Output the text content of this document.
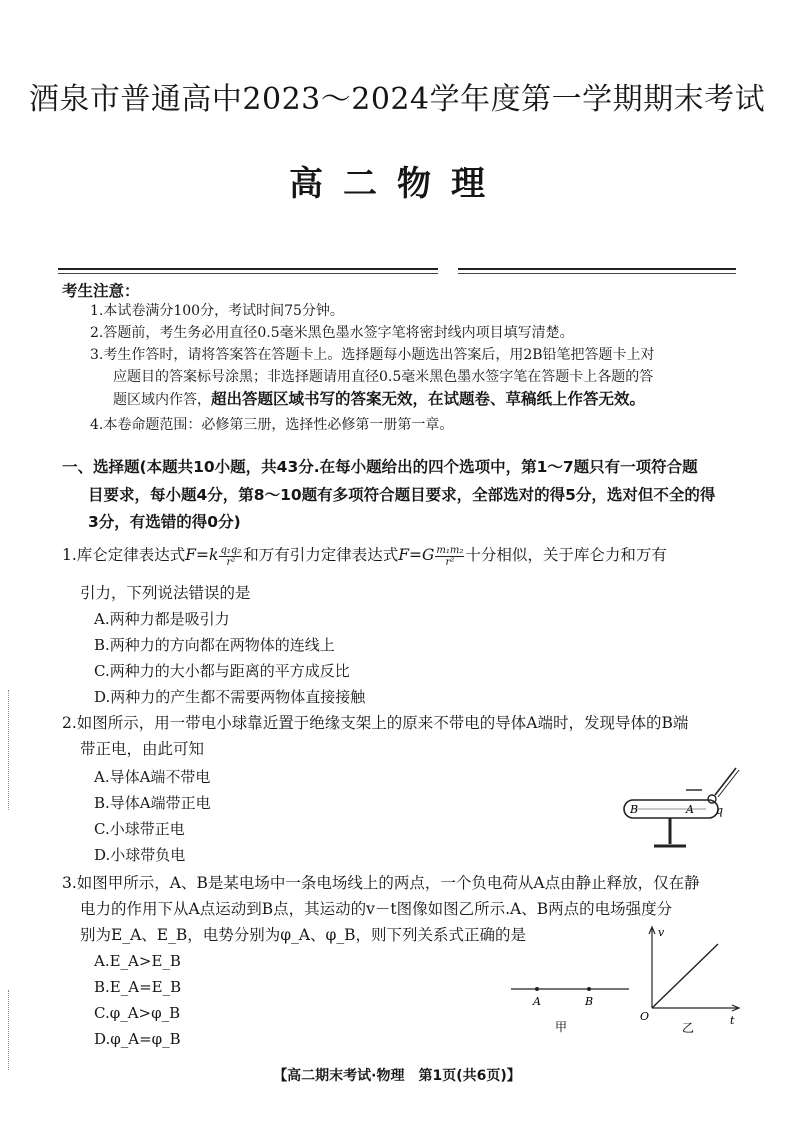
酒泉市普通高中2023～2024学年度第一学期期末考试
高二物理
考生注意：
1.本试卷满分100分，考试时间75分钟。
2.答题前，考生务必用直径0.5毫米黑色墨水签字笔将密封线内项目填写清楚。
3.考生作答时，请将答案答在答题卡上。选择题每小题选出答案后，用2B铅笔把答题卡上对
应题目的答案标号涂黑；非选择题请用直径0.5毫米黑色墨水签字笔在答题卡上各题的答
题区域内作答，超出答题区域书写的答案无效，在试题卷、草稿纸上作答无效。
4.本卷命题范围：必修第三册，选择性必修第一册第一章。
一、选择题(本题共10小题，共43分.在每小题给出的四个选项中，第1～7题只有一项符合题
目要求，每小题4分，第8～10题有多项符合题目要求，全部选对的得5分，选对但不全的得
3分，有选错的得0分)
1.库仑定律表达式$F=k \frac{\text{q₁q₂}}{\text{r²}}$ 和万有引力定律表达式$F=G \frac{\text{m₁m₂}}{\text{r²}}$ 十分相似，关于库仑力和万有
引力，下列说法错误的是
A.两种力都是吸引力
B.两种力的方向都在两物体的连线上
C.两种力的大小都与距离的平方成反比
D.两种力的产生都不需要两物体直接接触
2.如图所示，用一带电小球靠近置于绝缘支架上的原来不带电的导体A端时，发现导体的B端
带正电，由此可知
A.导体A端不带电
B.导体A端带正电
C.小球带正电
D.小球带负电
B	A q
3.如图甲所示，A、B是某电场中一条电场线上的两点，一个负电荷从A点由静止释放，仅在静
电力的作用下从A点运动到B点，其运动的v－t图像如图乙所示.A、B两点的电场强度分
别为E_A、E_B，电势分别为φ_A、φ_B，则下列关系式正确的是
A.E_A>E_B
B.E_A=E_B
C.φ_A>φ_B
D.φ_A=φ_B
A	B
甲
v
O	t
乙
【高二期末考试·物理　第1页(共6页)】
